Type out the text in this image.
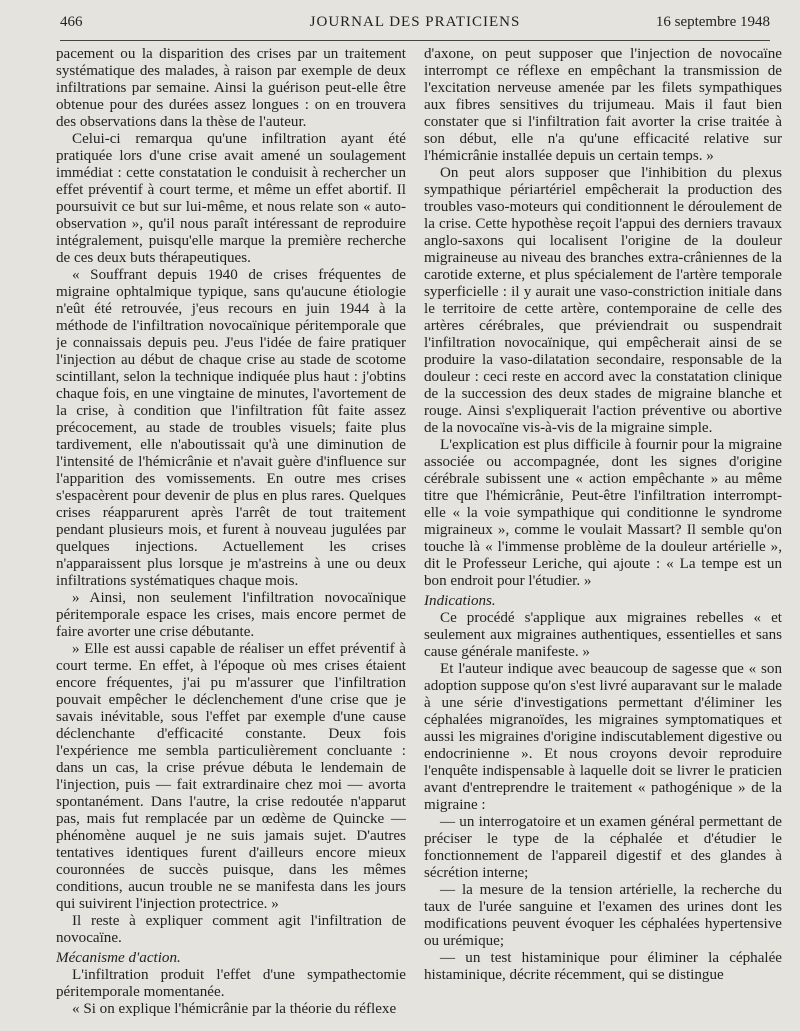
466	JOURNAL DES PRATICIENS	16 septembre 1948

pacement ou la disparition des crises par un traitement systématique des malades, à raison par exemple de deux infiltrations par semaine. Ainsi la guérison peut-elle être obtenue pour des durées assez longues : on en trouvera des observations dans la thèse de l'auteur.

Celui-ci remarqua qu'une infiltration ayant été pratiquée lors d'une crise avait amené un soulagement immédiat : cette constatation le conduisit à rechercher un effet préventif à court terme, et même un effet abortif. Il poursuivit ce but sur lui-même, et nous relate son « auto-observation », qu'il nous paraît intéressant de reproduire intégralement, puisqu'elle marque la première recherche de ces deux buts thérapeutiques.

« Souffrant depuis 1940 de crises fréquentes de migraine ophtalmique typique, sans qu'aucune étiologie n'eût été retrouvée, j'eus recours en juin 1944 à la méthode de l'infiltration novocaïnique péritemporale que je connaissais depuis peu. J'eus l'idée de faire pratiquer l'injection au début de chaque crise au stade de scotome scintillant, selon la technique indiquée plus haut : j'obtins chaque fois, en une vingtaine de minutes, l'avortement de la crise, à condition que l'infiltration fût faite assez précocement, au stade de troubles visuels; faite plus tardivement, elle n'aboutissait qu'à une diminution de l'intensité de l'hémicrânie et n'avait guère d'influence sur l'apparition des vomissements. En outre mes crises s'espacèrent pour devenir de plus en plus rares. Quelques crises réapparurent après l'arrêt de tout traitement pendant plusieurs mois, et furent à nouveau jugulées par quelques injections. Actuellement les crises n'apparaissent plus lorsque je m'astreins à une ou deux infiltrations systématiques chaque mois.

» Ainsi, non seulement l'infiltration novocaïnique péritemporale espace les crises, mais encore permet de faire avorter une crise débutante.

» Elle est aussi capable de réaliser un effet préventif à court terme. En effet, à l'époque où mes crises étaient encore fréquentes, j'ai pu m'assurer que l'infiltration pouvait empêcher le déclenchement d'une crise que je savais inévitable, sous l'effet par exemple d'une cause déclenchante d'efficacité constante. Deux fois l'expérience me sembla particulièrement concluante : dans un cas, la crise prévue débuta le lendemain de l'injection, puis — fait extrardinaire chez moi — avorta spontanément. Dans l'autre, la crise redoutée n'apparut pas, mais fut remplacée par un œdème de Quincke — phénomène auquel je ne suis jamais sujet. D'autres tentatives identiques furent d'ailleurs encore mieux couronnées de succès puisque, dans les mêmes conditions, aucun trouble ne se manifesta dans les jours qui suivirent l'injection protectrice. »

Il reste à expliquer comment agit l'infiltration de novocaïne.

Mécanisme d'action.

L'infiltration produit l'effet d'une sympathectomie péritemporale momentanée.

« Si on explique l'hémicrânie par la théorie du réflexe

d'axone, on peut supposer que l'injection de novocaïne interrompt ce réflexe en empêchant la transmission de l'excitation nerveuse amenée par les filets sympathiques aux fibres sensitives du trijumeau. Mais il faut bien constater que si l'infiltration fait avorter la crise traitée à son début, elle n'a qu'une efficacité relative sur l'hémicrânie installée depuis un certain temps. »

On peut alors supposer que l'inhibition du plexus sympathique périartériel empêcherait la production des troubles vaso-moteurs qui conditionnent le déroulement de la crise. Cette hypothèse reçoit l'appui des derniers travaux anglo-saxons qui localisent l'origine de la douleur migraineuse au niveau des branches extra-crâniennes de la carotide externe, et plus spécialement de l'artère temporale syperficielle : il y aurait une vaso-constriction initiale dans le territoire de cette artère, contemporaine de celle des artères cérébrales, que préviendrait ou suspendrait l'infiltration novocaïnique, qui empêcherait ainsi de se produire la vaso-dilatation secondaire, responsable de la douleur : ceci reste en accord avec la constatation clinique de la succession des deux stades de migraine blanche et rouge. Ainsi s'expliquerait l'action préventive ou abortive de la novocaïne vis-à-vis de la migraine simple.

L'explication est plus difficile à fournir pour la migraine associée ou accompagnée, dont les signes d'origine cérébrale subissent une « action empêchante » au même titre que l'hémicrânie, Peut-être l'infiltration interrompt-elle « la voie sympathique qui conditionne le syndrome migraineux », comme le voulait Massart? Il semble qu'on touche là « l'immense problème de la douleur artérielle », dit le Professeur Leriche, qui ajoute : « La tempe est un bon endroit pour l'étudier. »

Indications.

Ce procédé s'applique aux migraines rebelles « et seulement aux migraines authentiques, essentielles et sans cause générale manifeste. »

Et l'auteur indique avec beaucoup de sagesse que « son adoption suppose qu'on s'est livré auparavant sur le malade à une série d'investigations permettant d'éliminer les céphalées migranoïdes, les migraines symptomatiques et aussi les migraines d'origine indiscutablement digestive ou endocrinienne ». Et nous croyons devoir reproduire l'enquête indispensable à laquelle doit se livrer le praticien avant d'entreprendre le traitement « pathogénique » de la migraine :

— un interrogatoire et un examen général permettant de préciser le type de la céphalée et d'étudier le fonctionnement de l'appareil digestif et des glandes à sécrétion interne;

— la mesure de la tension artérielle, la recherche du taux de l'urée sanguine et l'examen des urines dont les modifications peuvent évoquer les céphalées hypertensive ou urémique;

— un test histaminique pour éliminer la céphalée histaminique, décrite récemment, qui se distingue
